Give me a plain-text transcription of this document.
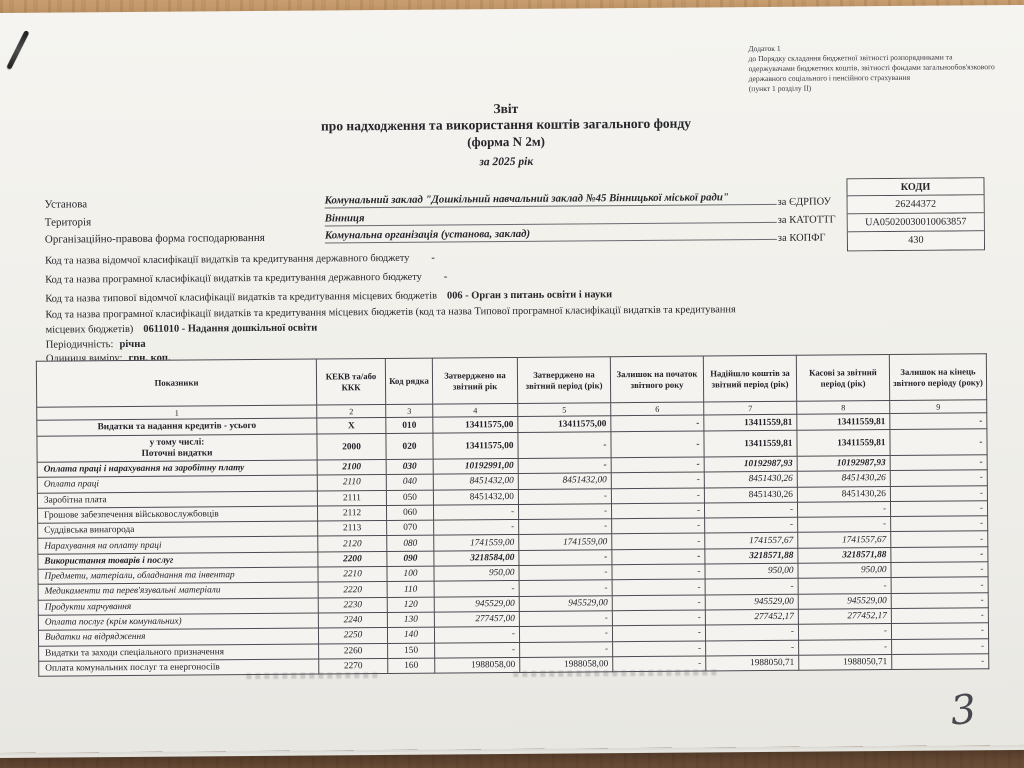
Додаток 1
до Порядку складання бюджетної звітності розпорядниками та одержувачами бюджетних коштів, звітності фондами загальнообов'язкового державного соціального і пенсійного страхування
(пункт 1 розділу ІІ)
Звіт
про надходження та використання коштів загального фонду
(форма N 2м)
за 2025 рік
Установа
Територія
Організаційно-правова форма господарювання
Комунальний заклад "Дошкільний навчальний заклад №45 Вінницької міської ради"
Вінниця
Комунальна організація (установа, заклад)
за ЄДРПОУ
за КАТОТТГ
за КОПФГ
КОДИ
26244372
UA05020030010063857
430
Код та назва відомчої класифікації видатків та кредитування державного бюджету -
Код та назва програмної класифікації видатків та кредитування державного бюджету -
Код та назва типової відомчої класифікації видатків та кредитування місцевих бюджетів 006 - Орган з питань освіти і науки
Код та назва програмної класифікації видатків та кредитування місцевих бюджетів (код та назва Типової програмної класифікації видатків та кредитування місцевих бюджетів) 0611010 - Надання дошкільної освіти
Періодичність: річна
Одиниця виміру: грн. коп.
Показники	КЕКВ та/або ККК	Код рядка	Затверджено на звітний рік	Затверджено на звітний період (рік)	Залишок на початок звітного року	Надійшло коштів за звітний період (рік)	Касові за звітний період (рік)	Залишок на кінець звітного періоду (року)
1	2	3	4	5	6	7	8	9
Видатки та надання кредитів - усього	X	010	13411575,00	13411575,00	-	13411559,81	13411559,81	-
у тому числі:
Поточні видатки	2000	020	13411575,00	-	-	13411559,81	13411559,81	-
Оплата праці і нарахування на заробітну плату	2100	030	10192991,00	-	-	10192987,93	10192987,93	-
Оплата праці	2110	040	8451432,00	8451432,00	-	8451430,26	8451430,26	-
Заробітна плата	2111	050	8451432,00	-	-	8451430,26	8451430,26	-
Грошове забезпечення військовослужбовців	2112	060	-	-	-	-	-	-
Суддівська винагорода	2113	070	-	-	-	-	-	-
Нарахування на оплату праці	2120	080	1741559,00	1741559,00	-	1741557,67	1741557,67	-
Використання товарів і послуг	2200	090	3218584,00	-	-	3218571,88	3218571,88	-
Предмети, матеріали, обладнання та інвентар	2210	100	950,00	-	-	950,00	950,00	-
Медикаменти та перев'язувальні матеріали	2220	110	-	-	-	-	-	-
Продукти харчування	2230	120	945529,00	945529,00	-	945529,00	945529,00	-
Оплата послуг (крім комунальних)	2240	130	277457,00	-	-	277452,17	277452,17	-
Видатки на відрядження	2250	140	-	-	-	-	-	-
Видатки та заходи спеціального призначення	2260	150	-	-	-	-	-	-
Оплата комунальних послуг та енергоносіїв	2270	160	1988058,00	1988058,00	-	1988050,71	1988050,71	-
3
